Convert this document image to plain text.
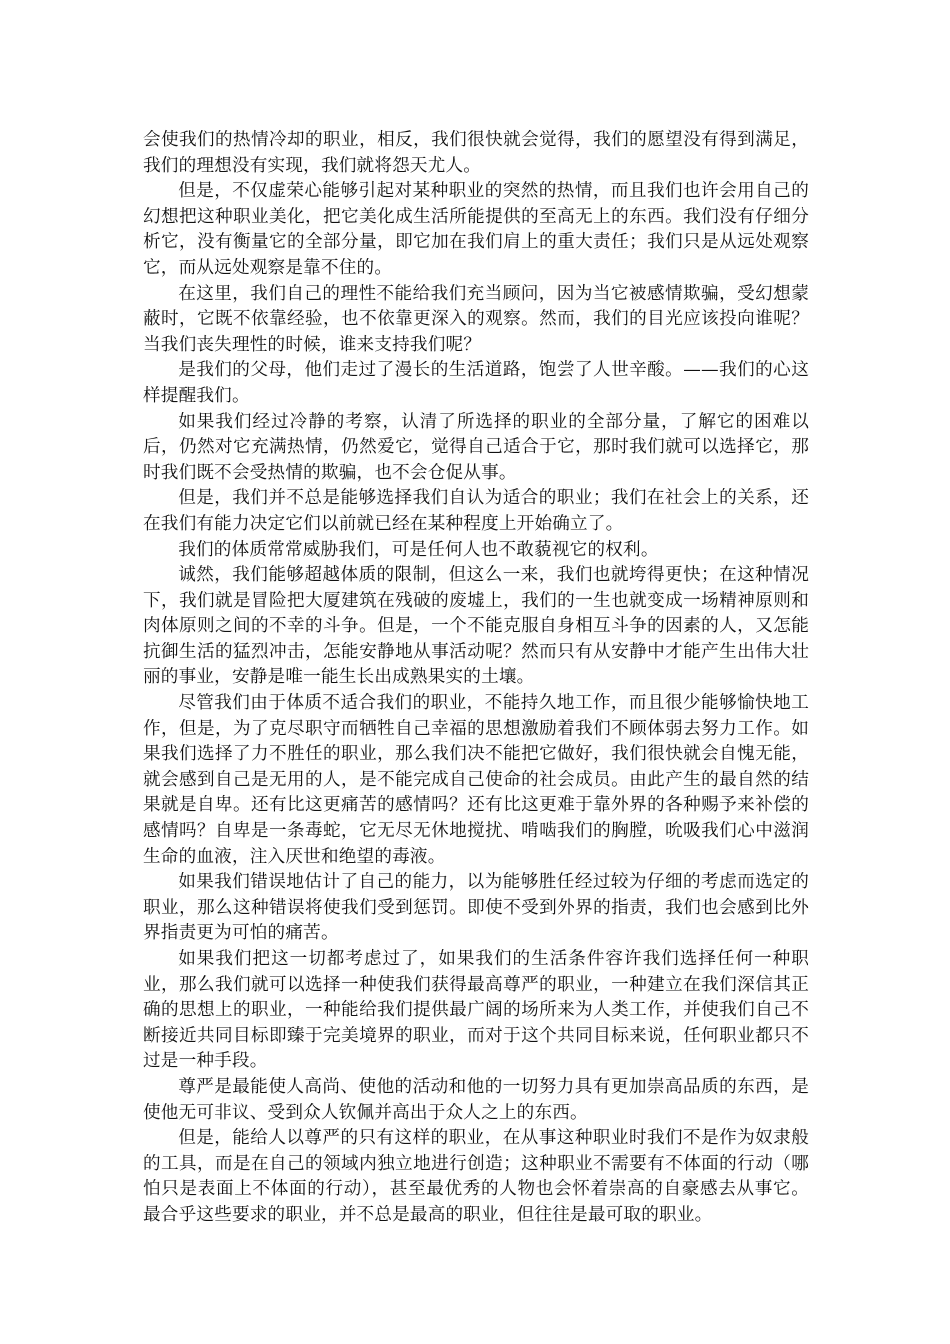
会使我们的热情冷却的职业，相反，我们很快就会觉得，我们的愿望没有得到满足，我们的理想没有实现，我们就将怨天尤人。

但是，不仅虚荣心能够引起对某种职业的突然的热情，而且我们也许会用自己的幻想把这种职业美化，把它美化成生活所能提供的至高无上的东西。我们没有仔细分析它，没有衡量它的全部分量，即它加在我们肩上的重大责任；我们只是从远处观察它，而从远处观察是靠不住的。

在这里，我们自己的理性不能给我们充当顾问，因为当它被感情欺骗，受幻想蒙蔽时，它既不依靠经验，也不依靠更深入的观察。然而，我们的目光应该投向谁呢？当我们丧失理性的时候，谁来支持我们呢？

是我们的父母，他们走过了漫长的生活道路，饱尝了人世辛酸。——我们的心这样提醒我们。

如果我们经过冷静的考察，认清了所选择的职业的全部分量，了解它的困难以后，仍然对它充满热情，仍然爱它，觉得自己适合于它，那时我们就可以选择它，那时我们既不会受热情的欺骗，也不会仓促从事。

但是，我们并不总是能够选择我们自认为适合的职业；我们在社会上的关系，还在我们有能力决定它们以前就已经在某种程度上开始确立了。

我们的体质常常威胁我们，可是任何人也不敢藐视它的权利。

诚然，我们能够超越体质的限制，但这么一来，我们也就垮得更快；在这种情况下，我们就是冒险把大厦建筑在残破的废墟上，我们的一生也就变成一场精神原则和肉体原则之间的不幸的斗争。但是，一个不能克服自身相互斗争的因素的人，又怎能抗御生活的猛烈冲击，怎能安静地从事活动呢？然而只有从安静中才能产生出伟大壮丽的事业，安静是唯一能生长出成熟果实的土壤。

尽管我们由于体质不适合我们的职业，不能持久地工作，而且很少能够愉快地工作，但是，为了克尽职守而牺牲自己幸福的思想激励着我们不顾体弱去努力工作。如果我们选择了力不胜任的职业，那么我们决不能把它做好，我们很快就会自愧无能，就会感到自己是无用的人，是不能完成自己使命的社会成员。由此产生的最自然的结果就是自卑。还有比这更痛苦的感情吗？还有比这更难于靠外界的各种赐予来补偿的感情吗？自卑是一条毒蛇，它无尽无休地搅扰、啃啮我们的胸膛，吮吸我们心中滋润生命的血液，注入厌世和绝望的毒液。

如果我们错误地估计了自己的能力，以为能够胜任经过较为仔细的考虑而选定的职业，那么这种错误将使我们受到惩罚。即使不受到外界的指责，我们也会感到比外界指责更为可怕的痛苦。

如果我们把这一切都考虑过了，如果我们的生活条件容许我们选择任何一种职业，那么我们就可以选择一种使我们获得最高尊严的职业，一种建立在我们深信其正确的思想上的职业，一种能给我们提供最广阔的场所来为人类工作，并使我们自己不断接近共同目标即臻于完美境界的职业，而对于这个共同目标来说，任何职业都只不过是一种手段。

尊严是最能使人高尚、使他的活动和他的一切努力具有更加崇高品质的东西，是使他无可非议、受到众人钦佩并高出于众人之上的东西。

但是，能给人以尊严的只有这样的职业，在从事这种职业时我们不是作为奴隶般的工具，而是在自己的领域内独立地进行创造；这种职业不需要有不体面的行动（哪怕只是表面上不体面的行动），甚至最优秀的人物也会怀着崇高的自豪感去从事它。最合乎这些要求的职业，并不总是最高的职业，但往往是最可取的职业。
